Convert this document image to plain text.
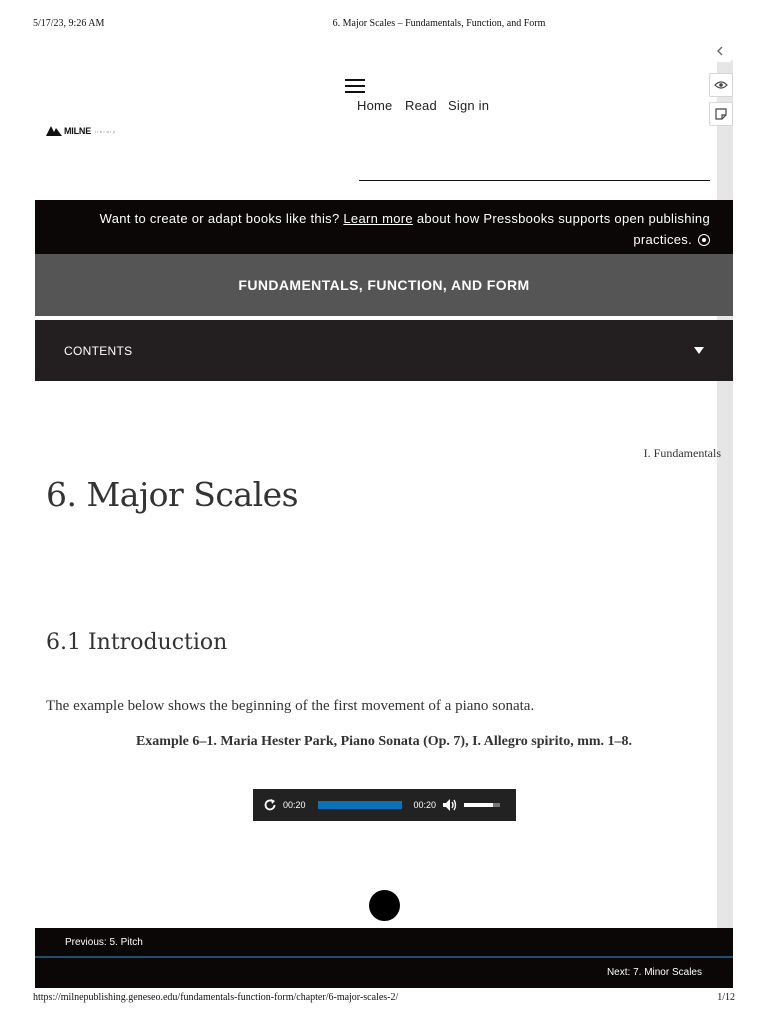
5/17/23, 9:26 AM	6. Major Scales – Fundamentals, Function, and Form
Home Read Sign in
MILNE library
Want to create or adapt books like this? Learn more about how Pressbooks supports open publishing practices.
FUNDAMENTALS, FUNCTION, AND FORM
CONTENTS
I. Fundamentals
6. Major Scales
6.1 Introduction

The example below shows the beginning of the first movement of a piano sonata.

Example 6–1. Maria Hester Park, Piano Sonata (Op. 7), I. Allegro spirito, mm. 1–8.
00:20	00:20
Previous: 5. Pitch
Next: 7. Minor Scales
https://milnepublishing.geneseo.edu/fundamentals-function-form/chapter/6-major-scales-2/	1/12
